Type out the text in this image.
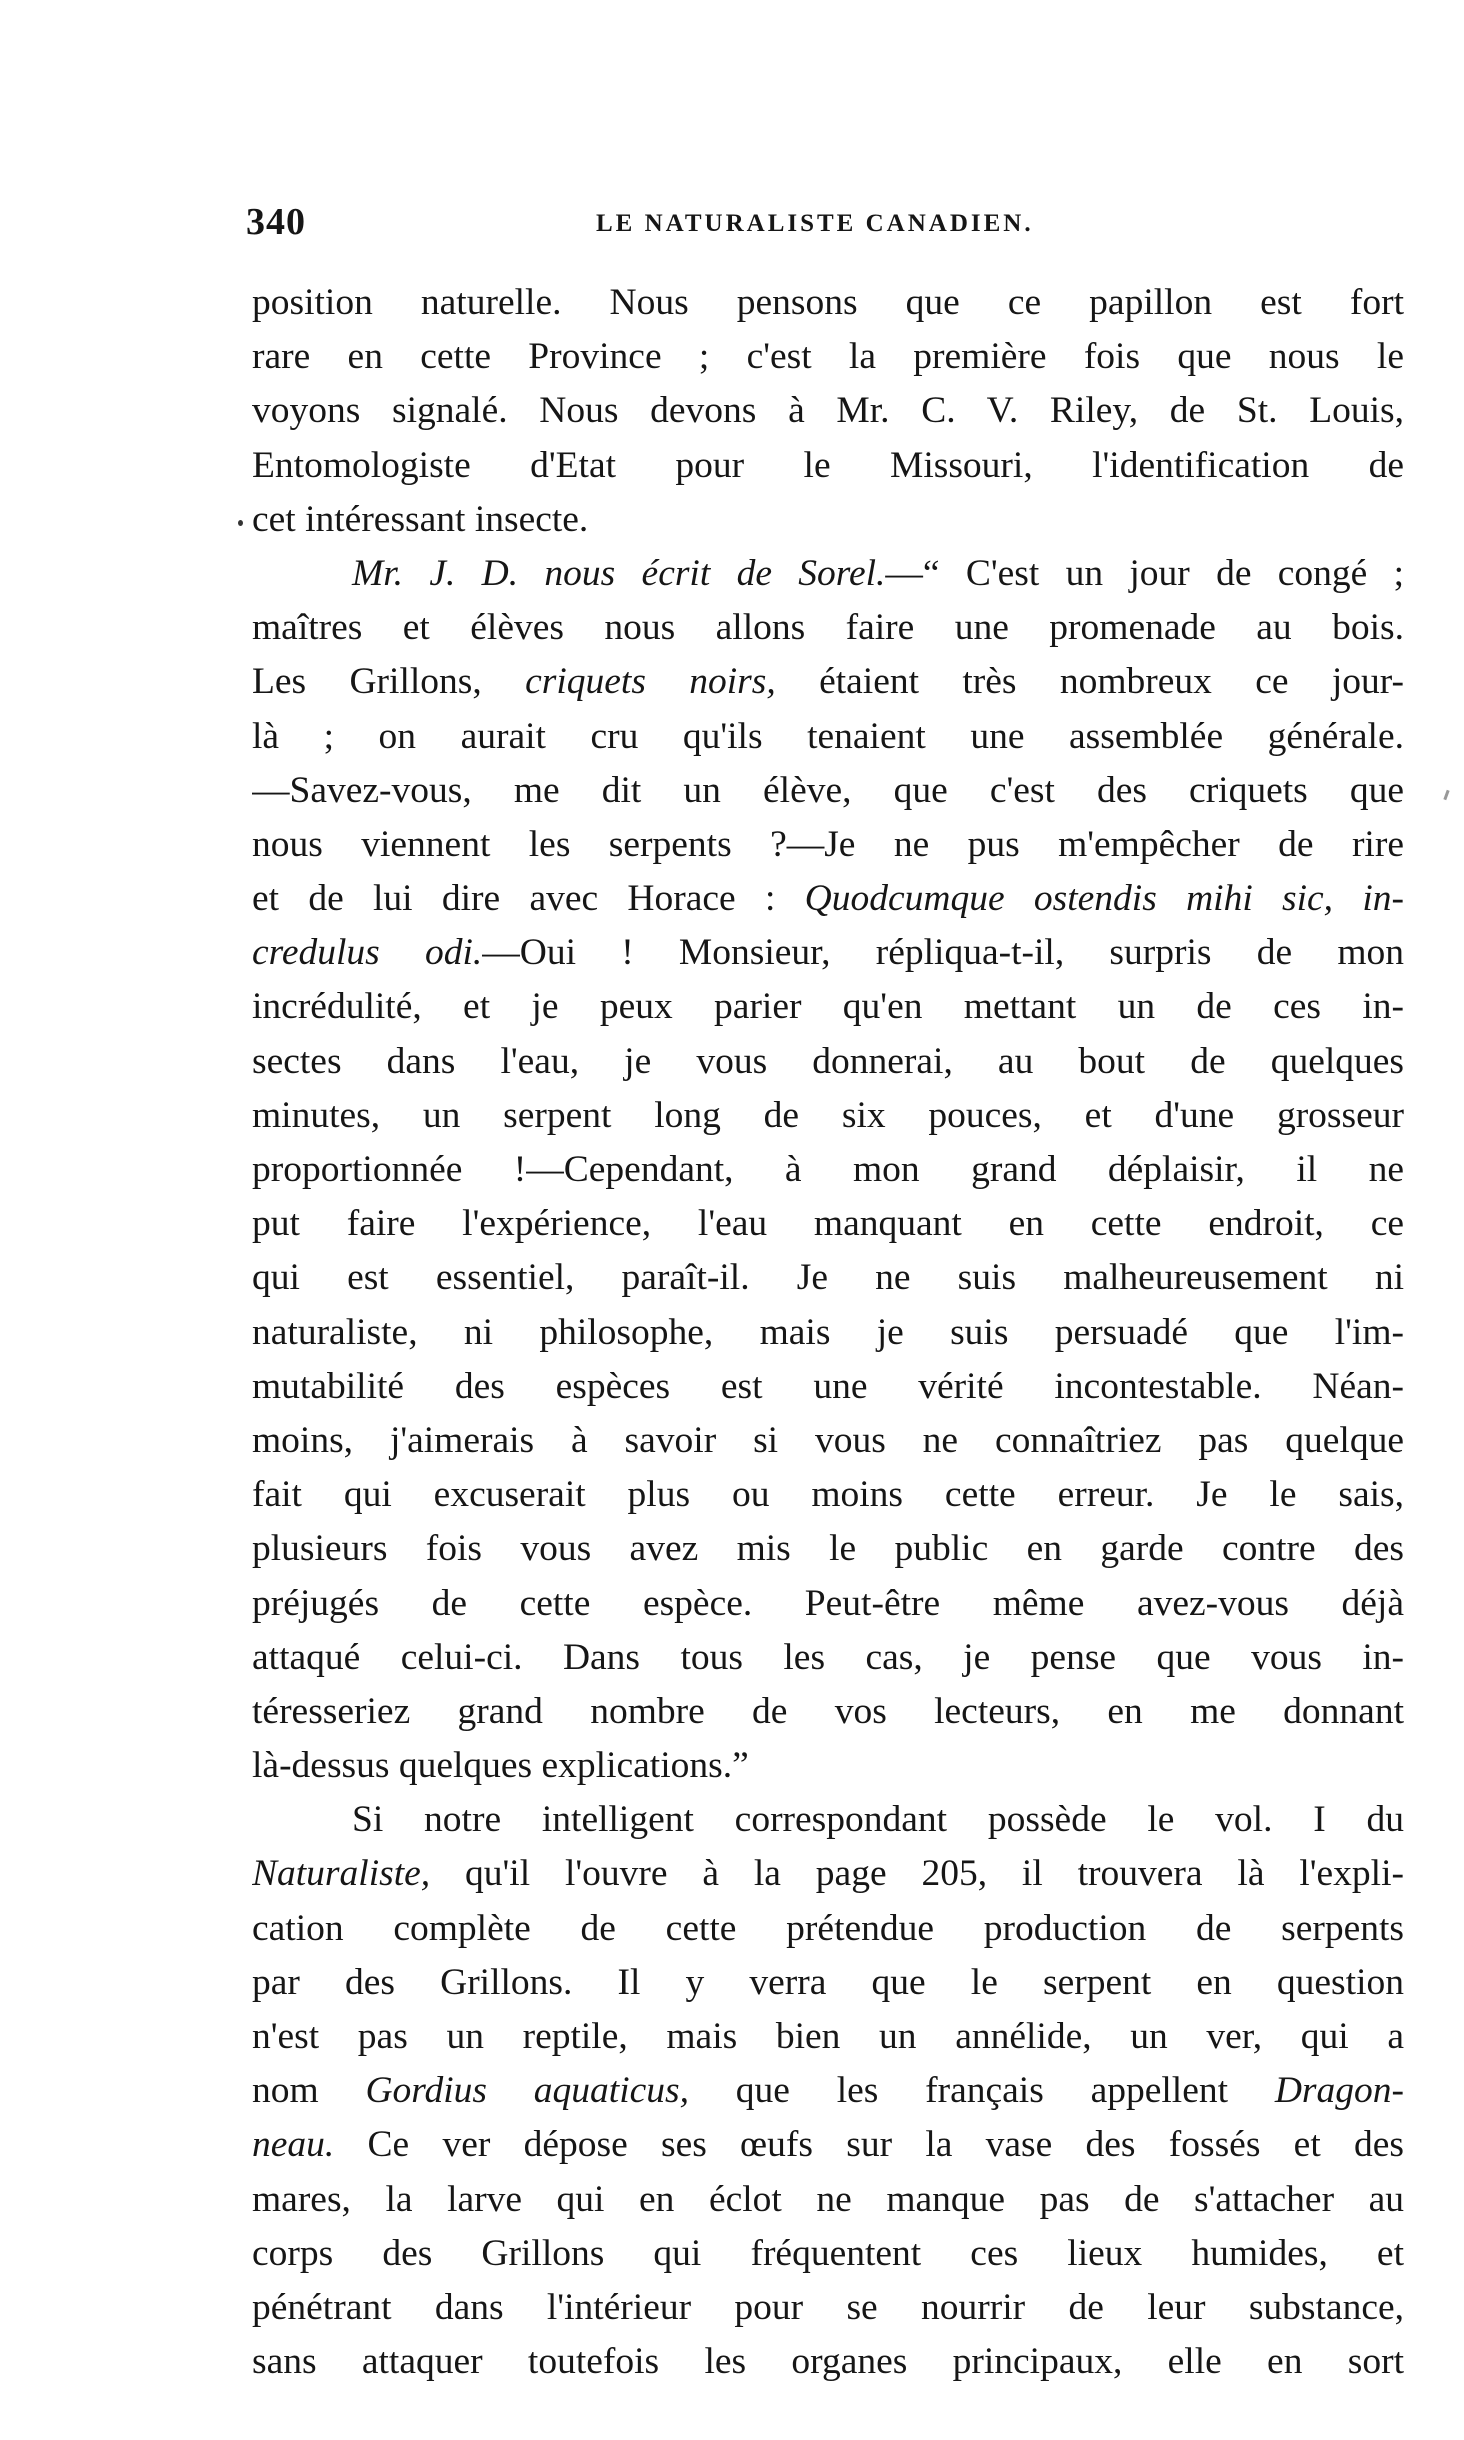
340	LE NATURALISTE CANADIEN.
position naturelle. Nous pensons que ce papillon est fort
rare en cette Province ; c'est la première fois que nous le
voyons signalé. Nous devons à Mr. C. V. Riley, de St. Louis,
Entomologiste d'Etat pour le Missouri, l'identification de
cet intéressant insecte.
Mr. J. D. nous écrit de Sorel.—“ C'est un jour de congé ;
maîtres et élèves nous allons faire une promenade au bois.
Les Grillons, criquets noirs, étaient très nombreux ce jour-
là ; on aurait cru qu'ils tenaient une assemblée générale.
—Savez-vous, me dit un élève, que c'est des criquets que
nous viennent les serpents ?—Je ne pus m'empêcher de rire
et de lui dire avec Horace : Quodcumque ostendis mihi sic, in-
credulus odi.—Oui ! Monsieur, répliqua-t-il, surpris de mon
incrédulité, et je peux parier qu'en mettant un de ces in-
sectes dans l'eau, je vous donnerai, au bout de quelques
minutes, un serpent long de six pouces, et d'une grosseur
proportionnée !—Cependant, à mon grand déplaisir, il ne
put faire l'expérience, l'eau manquant en cette endroit, ce
qui est essentiel, paraît-il. Je ne suis malheureusement ni
naturaliste, ni philosophe, mais je suis persuadé que l'im-
mutabilité des espèces est une vérité incontestable. Néan-
moins, j'aimerais à savoir si vous ne connaîtriez pas quelque
fait qui excuserait plus ou moins cette erreur. Je le sais,
plusieurs fois vous avez mis le public en garde contre des
préjugés de cette espèce. Peut-être même avez-vous déjà
attaqué celui-ci. Dans tous les cas, je pense que vous in-
téresseriez grand nombre de vos lecteurs, en me donnant
là-dessus quelques explications.”
Si notre intelligent correspondant possède le vol. I du
Naturaliste, qu'il l'ouvre à la page 205, il trouvera là l'expli-
cation complète de cette prétendue production de serpents
par des Grillons. Il y verra que le serpent en question
n'est pas un reptile, mais bien un annélide, un ver, qui a
nom Gordius aquaticus, que les français appellent Dragon-
neau. Ce ver dépose ses œufs sur la vase des fossés et des
mares, la larve qui en éclot ne manque pas de s'attacher au
corps des Grillons qui fréquentent ces lieux humides, et
pénétrant dans l'intérieur pour se nourrir de leur substance,
sans attaquer toutefois les organes principaux, elle en sort
